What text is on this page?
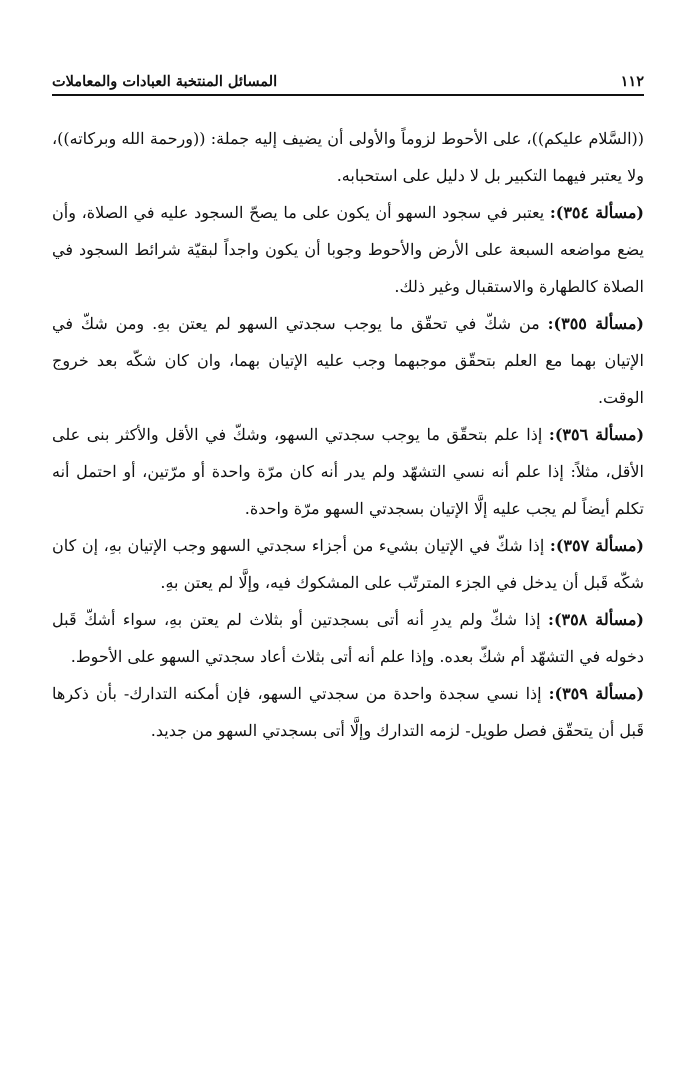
١١٢
المسائل المنتخبة العبادات والمعاملات

((السَّلام عليكم))، على الأحوط لزوماً والأولى أن يضيف إليه جملة: ((ورحمة الله وبركاته))، ولا يعتبر فيهما التكبير بل لا دليل على استحبابه.

(مسألة ٣٥٤): يعتبر في سجود السهو أن يكون على ما يصحّ السجود عليه في الصلاة، وأن يضع مواضعه السبعة على الأرض والأحوط وجوبا أن يكون واجداً لبقيّة شرائط السجود في الصلاة كالطهارة والاستقبال وغير ذلك.

(مسألة ٣٥٥): من شكّ في تحقّق ما يوجب سجدتي السهو لم يعتن بهِ. ومن شكّ في الإتيان بهما مع العلم بتحقّق موجبهما وجب عليه الإتيان بهما، وان كان شكّه بعد خروج الوقت.

(مسألة ٣٥٦): إذا علم بتحقّق ما يوجب سجدتي السهو، وشكّ في الأقل والأكثر بنى على الأقل، مثلاً: إذا علم أنه نسي التشهّد ولم يدر أنه كان مرّة واحدة أو مرّتين، أو احتمل أنه تكلم أيضاً لم يجب عليه إلَّا الإتيان بسجدتي السهو مرّة واحدة.

(مسألة ٣٥٧): إذا شكّ في الإتيان بشيء من أجزاء سجدتي السهو وجب الإتيان بهِ، إن كان شكّه قَبل أن يدخل في الجزء المترتّب على المشكوك فيه، وإلَّا لم يعتن بهِ.

(مسألة ٣٥٨): إذا شكّ ولم يدرِ أنه أتى بسجدتين أو بثلاث لم يعتن بهِ، سواء أشكّ قَبل دخوله في التشهّد أم شكّ بعده. وإذا علم أنه أتى بثلاث أعاد سجدتي السهو على الأحوط.

(مسألة ٣٥٩): إذا نسي سجدة واحدة من سجدتي السهو، فإن أمكنه التدارك- بأن ذكرها قَبل أن يتحقّق فصل طويل- لزمه التدارك وإلَّا أتى بسجدتي السهو من جديد.
